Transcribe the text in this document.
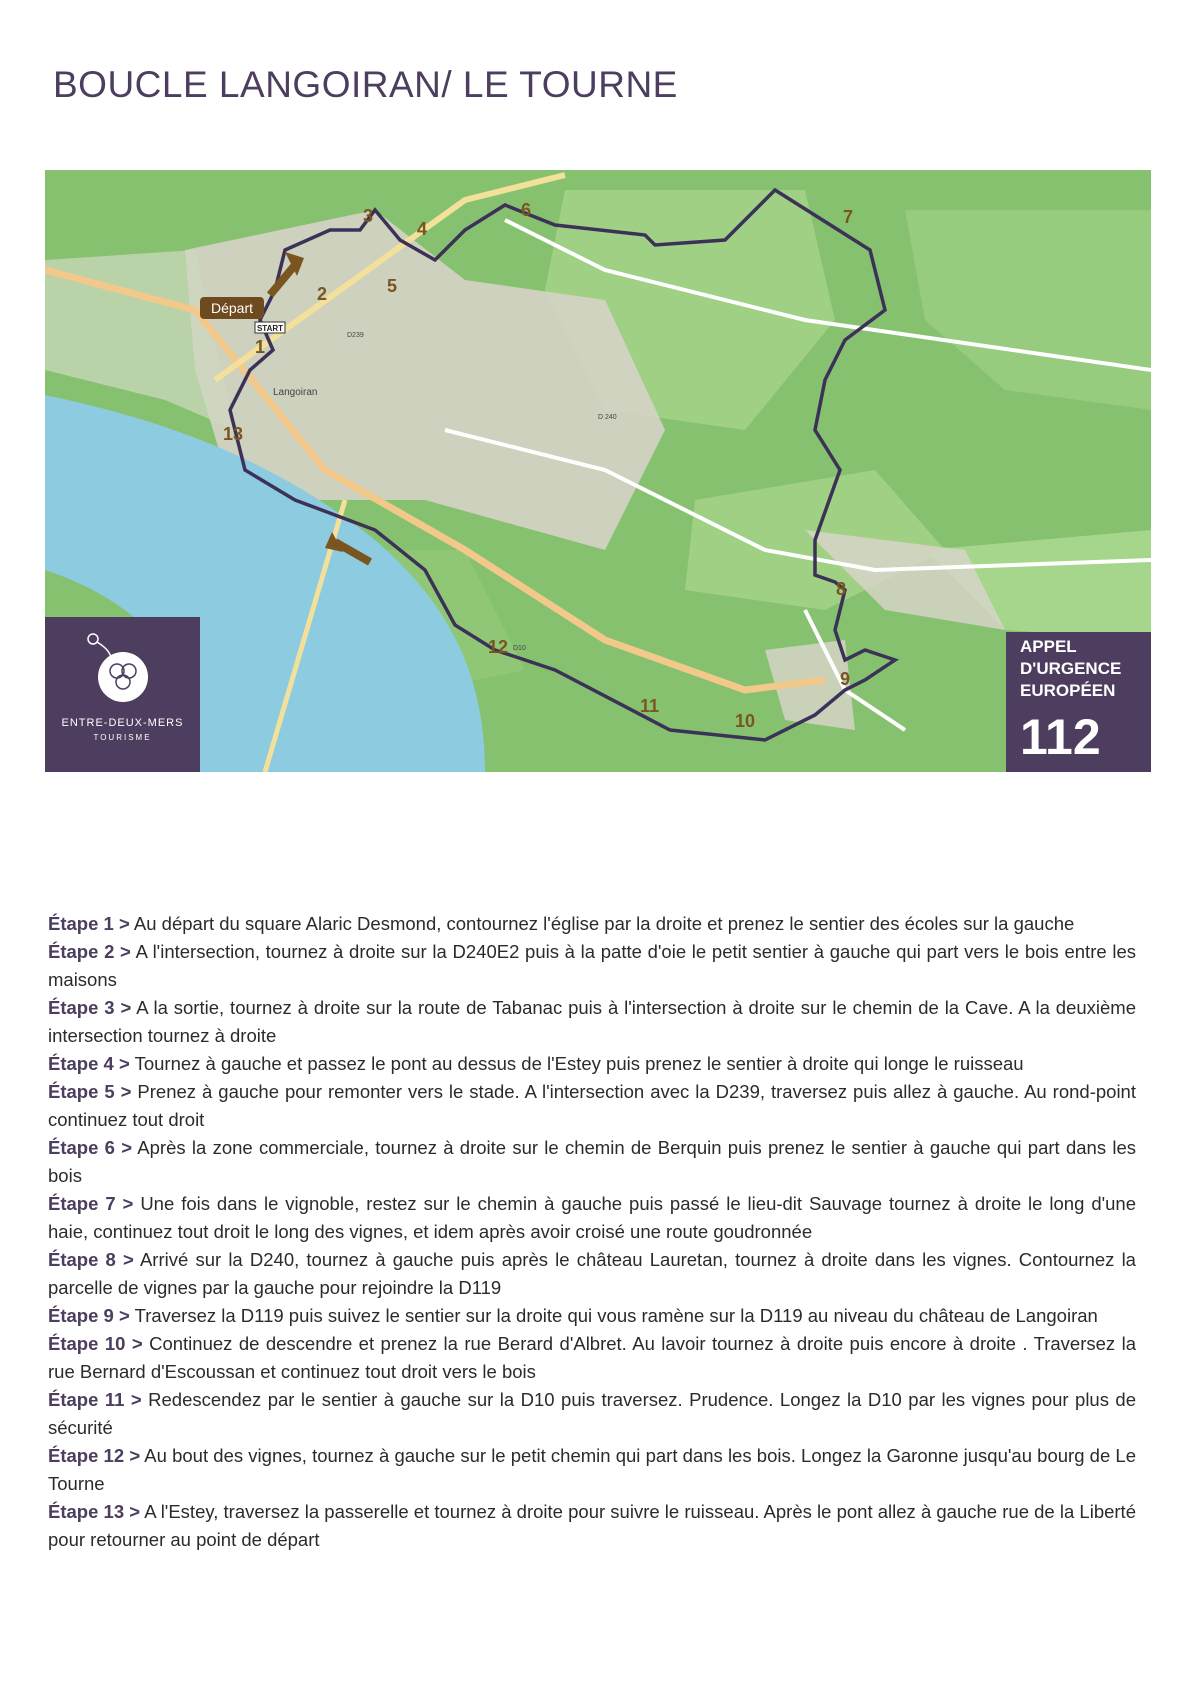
BOUCLE LANGOIRAN/ LE TOURNE
Départ
START
Langoiran
D 240
D239
D10
1
2
3
4
5
6	7
8
9
10
11
12
13
ENTRE-DEUX-MERS
TOURISME
APPEL D'URGENCE EUROPÉEN
112
Étape 1 > Au départ du square Alaric Desmond, contournez l'église par la droite et prenez le sentier des écoles sur la gauche
Étape 2 > A l'intersection, tournez à droite sur la D240E2 puis à la patte d'oie le petit sentier à gauche qui part vers le bois entre les maisons
Étape 3 > A la sortie, tournez à droite sur la route de Tabanac puis à l'intersection à droite sur le chemin de la Cave. A la deuxième intersection tournez à droite
Étape 4 > Tournez à gauche et passez le pont au dessus de l'Estey puis prenez le sentier à droite qui longe le ruisseau
Étape 5 > Prenez à gauche pour remonter vers le stade. A l'intersection avec la D239, traversez puis allez à gauche. Au rond-point continuez tout droit
Étape 6 > Après la zone commerciale, tournez à droite sur le chemin de Berquin puis prenez le sentier à gauche qui part dans les bois
Étape 7 > Une fois dans le vignoble, restez sur le chemin à gauche puis passé le lieu-dit Sauvage tournez à droite le long d'une haie, continuez tout droit le long des vignes, et idem après avoir croisé une route goudronnée
Étape 8 > Arrivé sur la D240, tournez à gauche puis après le château Lauretan, tournez à droite dans les vignes. Contournez la parcelle de vignes par la gauche pour rejoindre la D119
Étape 9 > Traversez la D119 puis suivez le sentier sur la droite qui vous ramène sur la D119 au niveau du château de Langoiran
Étape 10 > Continuez de descendre et prenez la rue Berard d'Albret. Au lavoir tournez à droite puis encore à droite . Traversez la rue Bernard d'Escoussan et continuez tout droit vers le bois
Étape 11 > Redescendez par le sentier à gauche sur la D10 puis traversez. Prudence. Longez la D10 par les vignes pour plus de sécurité
Étape 12 > Au bout des vignes, tournez à gauche sur le petit chemin qui part dans les bois. Longez la Garonne jusqu'au bourg de Le Tourne
Étape 13 > A l'Estey, traversez la passerelle et tournez à droite pour suivre le ruisseau. Après le pont allez à gauche rue de la Liberté pour retourner au point de départ
